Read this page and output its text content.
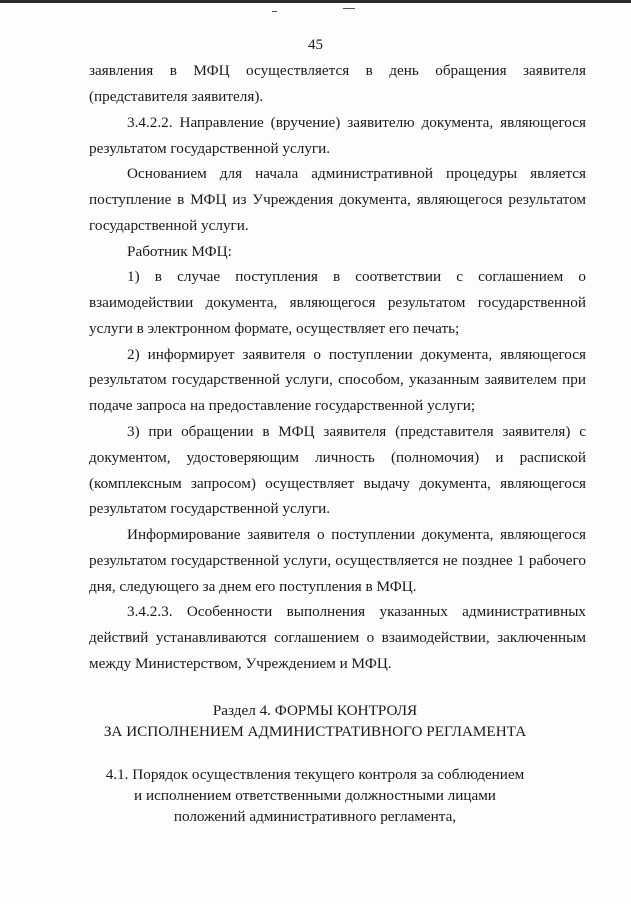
45
заявления в МФЦ осуществляется в день обращения заявителя
(представителя заявителя).
3.4.2.2. Направление (вручение) заявителю документа, являющегося
результатом государственной услуги.
Основанием для начала административной процедуры является
поступление в МФЦ из Учреждения документа, являющегося результатом
государственной услуги.
Работник МФЦ:
1) в случае поступления в соответствии с соглашением о
взаимодействии документа, являющегося результатом государственной
услуги в электронном формате, осуществляет его печать;
2) информирует заявителя о поступлении документа, являющегося
результатом государственной услуги, способом, указанным заявителем при
подаче запроса на предоставление государственной услуги;
3) при обращении в МФЦ заявителя (представителя заявителя) с
документом, удостоверяющим личность (полномочия) и распиской
(комплексным запросом) осуществляет выдачу документа, являющегося
результатом государственной услуги.
Информирование заявителя о поступлении документа, являющегося
результатом государственной услуги, осуществляется не позднее 1 рабочего
дня, следующего за днем его поступления в МФЦ.
3.4.2.3. Особенности выполнения указанных административных
действий устанавливаются соглашением о взаимодействии, заключенным
между Министерством, Учреждением и МФЦ.
Раздел 4. ФОРМЫ КОНТРОЛЯ
ЗА ИСПОЛНЕНИЕМ АДМИНИСТРАТИВНОГО РЕГЛАМЕНТА
4.1. Порядок осуществления текущего контроля за соблюдением
и исполнением ответственными должностными лицами
положений административного регламента,
